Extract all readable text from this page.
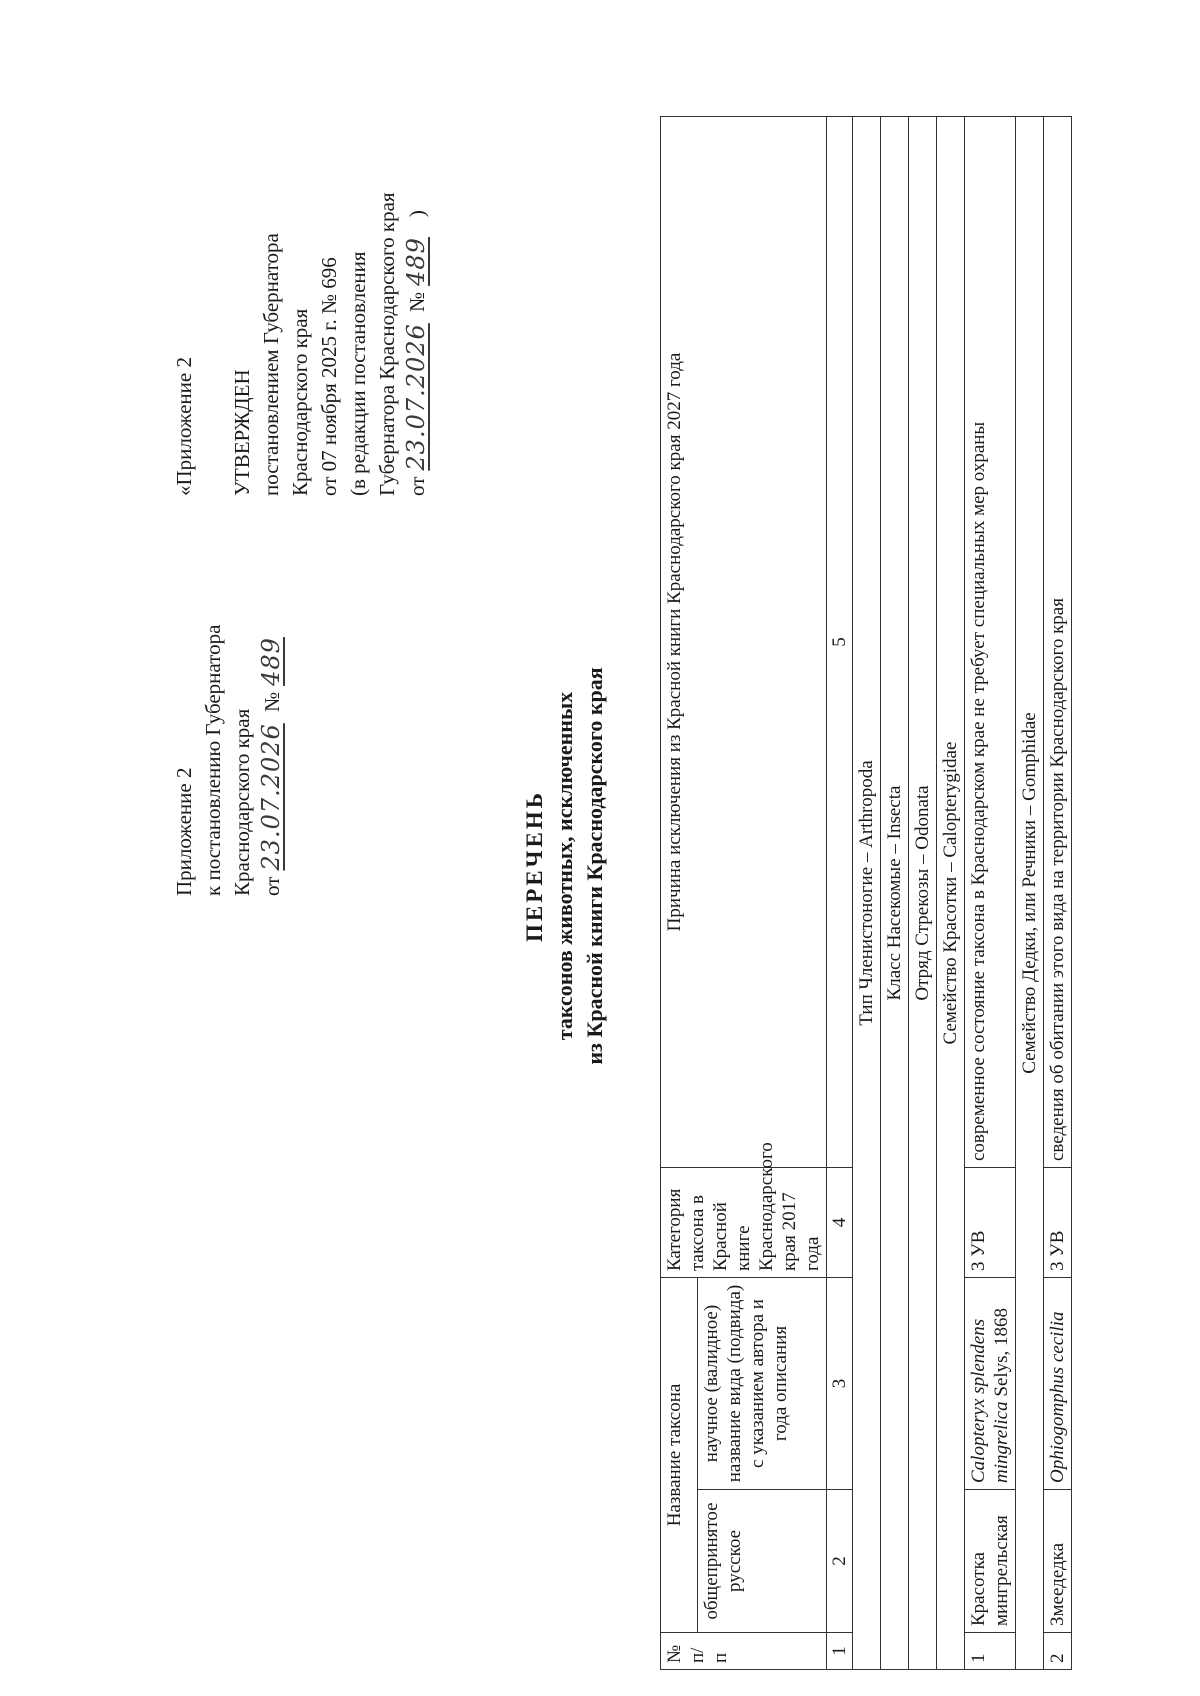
Приложение 2 к постановлению Губернатора Краснодарского края от23.07.2026 №489
«Приложение 2 УТВЕРЖДЕН постановлением Губернатора Краснодарского края от 07 ноября 2025 г. № 696 (в редакции постановления Губернатора Краснодарского края от23.07.2026 №489)
ПЕРЕЧЕНЬ таксонов животных, исключенных из Красной книги Краснодарского края
№ п/п	Название таксона		Категория таксона в Красной книге Краснодарского края 2017 года	Причина исключения из Красной книги Краснодарского края 2027 года
	общепринятое русское	научное (валидное) название вида (подвида) с указанием автора и года описания		
1	2	3	4	5
Тип Членистоногие – Arthropoda				
Класс Насекомые – Insecta				
Отряд Стрекозы – Odonata				
Семейство Красотки – Calopterygidae				
1	Красотка мингрельская	Calopteryx splendens mingrelica Selys, 1868	3 УВ	современное состояние таксона в Краснодарском крае не требует специальных мер охраны
Семейство Дедки, или Речники – Gomphidae				
2	Змеедедка	Ophiogomphus cecilia	3 УВ	сведения об обитании этого вида на территории Краснодарского края
